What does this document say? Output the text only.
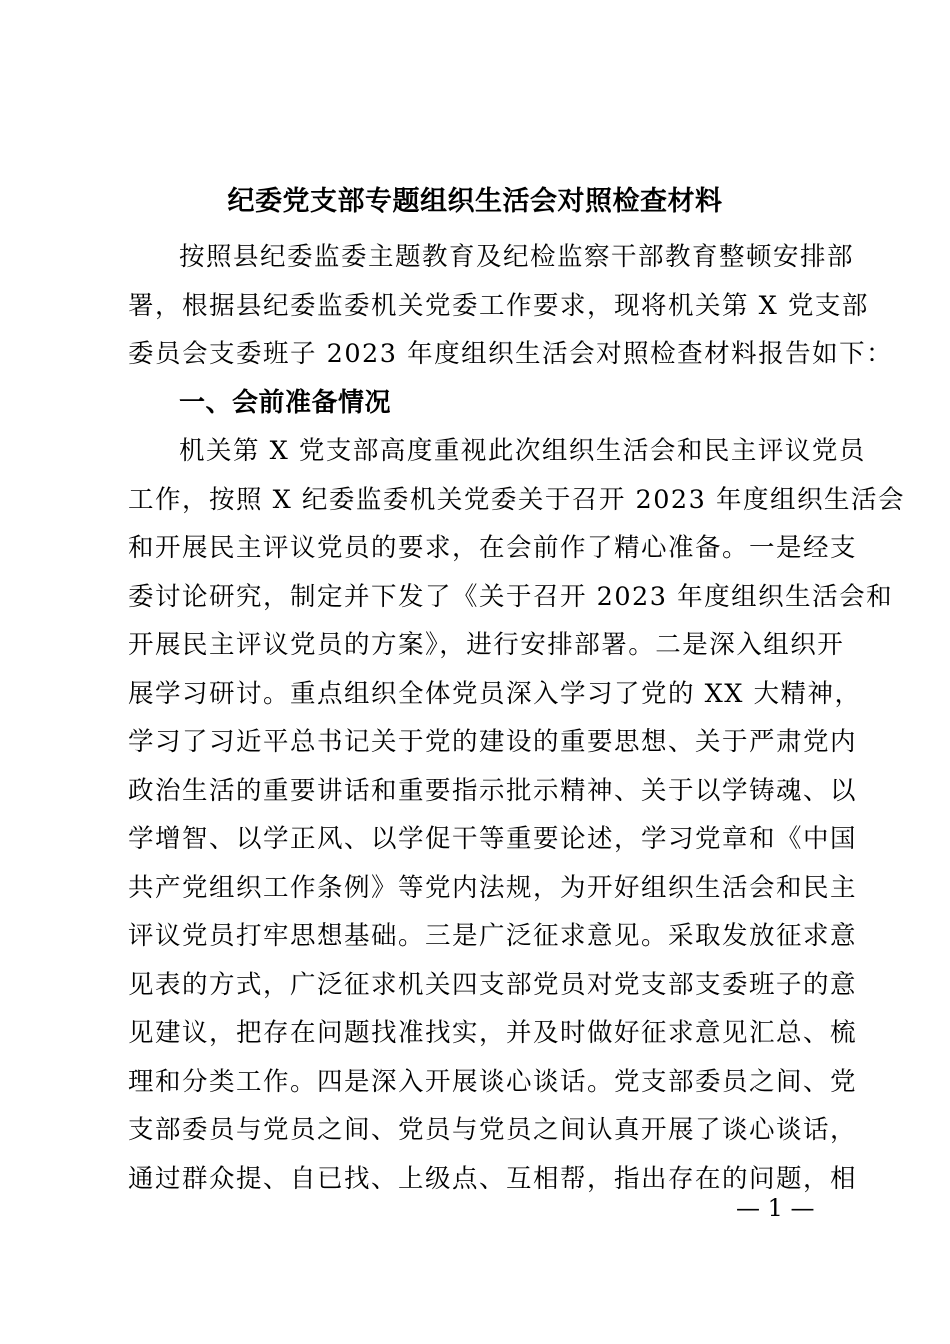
纪委党支部专题组织生活会对照检查材料
按照县纪委监委主题教育及纪检监察干部教育整顿安排部
署，根据县纪委监委机关党委工作要求，现将机关第 X 党支部
委员会支委班子 2023 年度组织生活会对照检查材料报告如下：
一、会前准备情况
机关第 X 党支部高度重视此次组织生活会和民主评议党员
工作，按照 X 纪委监委机关党委关于召开 2023 年度组织生活会
和开展民主评议党员的要求，在会前作了精心准备。一是经支
委讨论研究，制定并下发了《关于召开 2023 年度组织生活会和
开展民主评议党员的方案》，进行安排部署。二是深入组织开
展学习研讨。重点组织全体党员深入学习了党的 XX 大精神，
学习了习近平总书记关于党的建设的重要思想、关于严肃党内
政治生活的重要讲话和重要指示批示精神、关于以学铸魂、以
学增智、以学正风、以学促干等重要论述，学习党章和《中国
共产党组织工作条例》等党内法规，为开好组织生活会和民主
评议党员打牢思想基础。三是广泛征求意见。采取发放征求意
见表的方式，广泛征求机关四支部党员对党支部支委班子的意
见建议，把存在问题找准找实，并及时做好征求意见汇总、梳
理和分类工作。四是深入开展谈心谈话。党支部委员之间、党
支部委员与党员之间、党员与党员之间认真开展了谈心谈话，
通过群众提、自已找、上级点、互相帮，指出存在的问题，相
— 1 —
